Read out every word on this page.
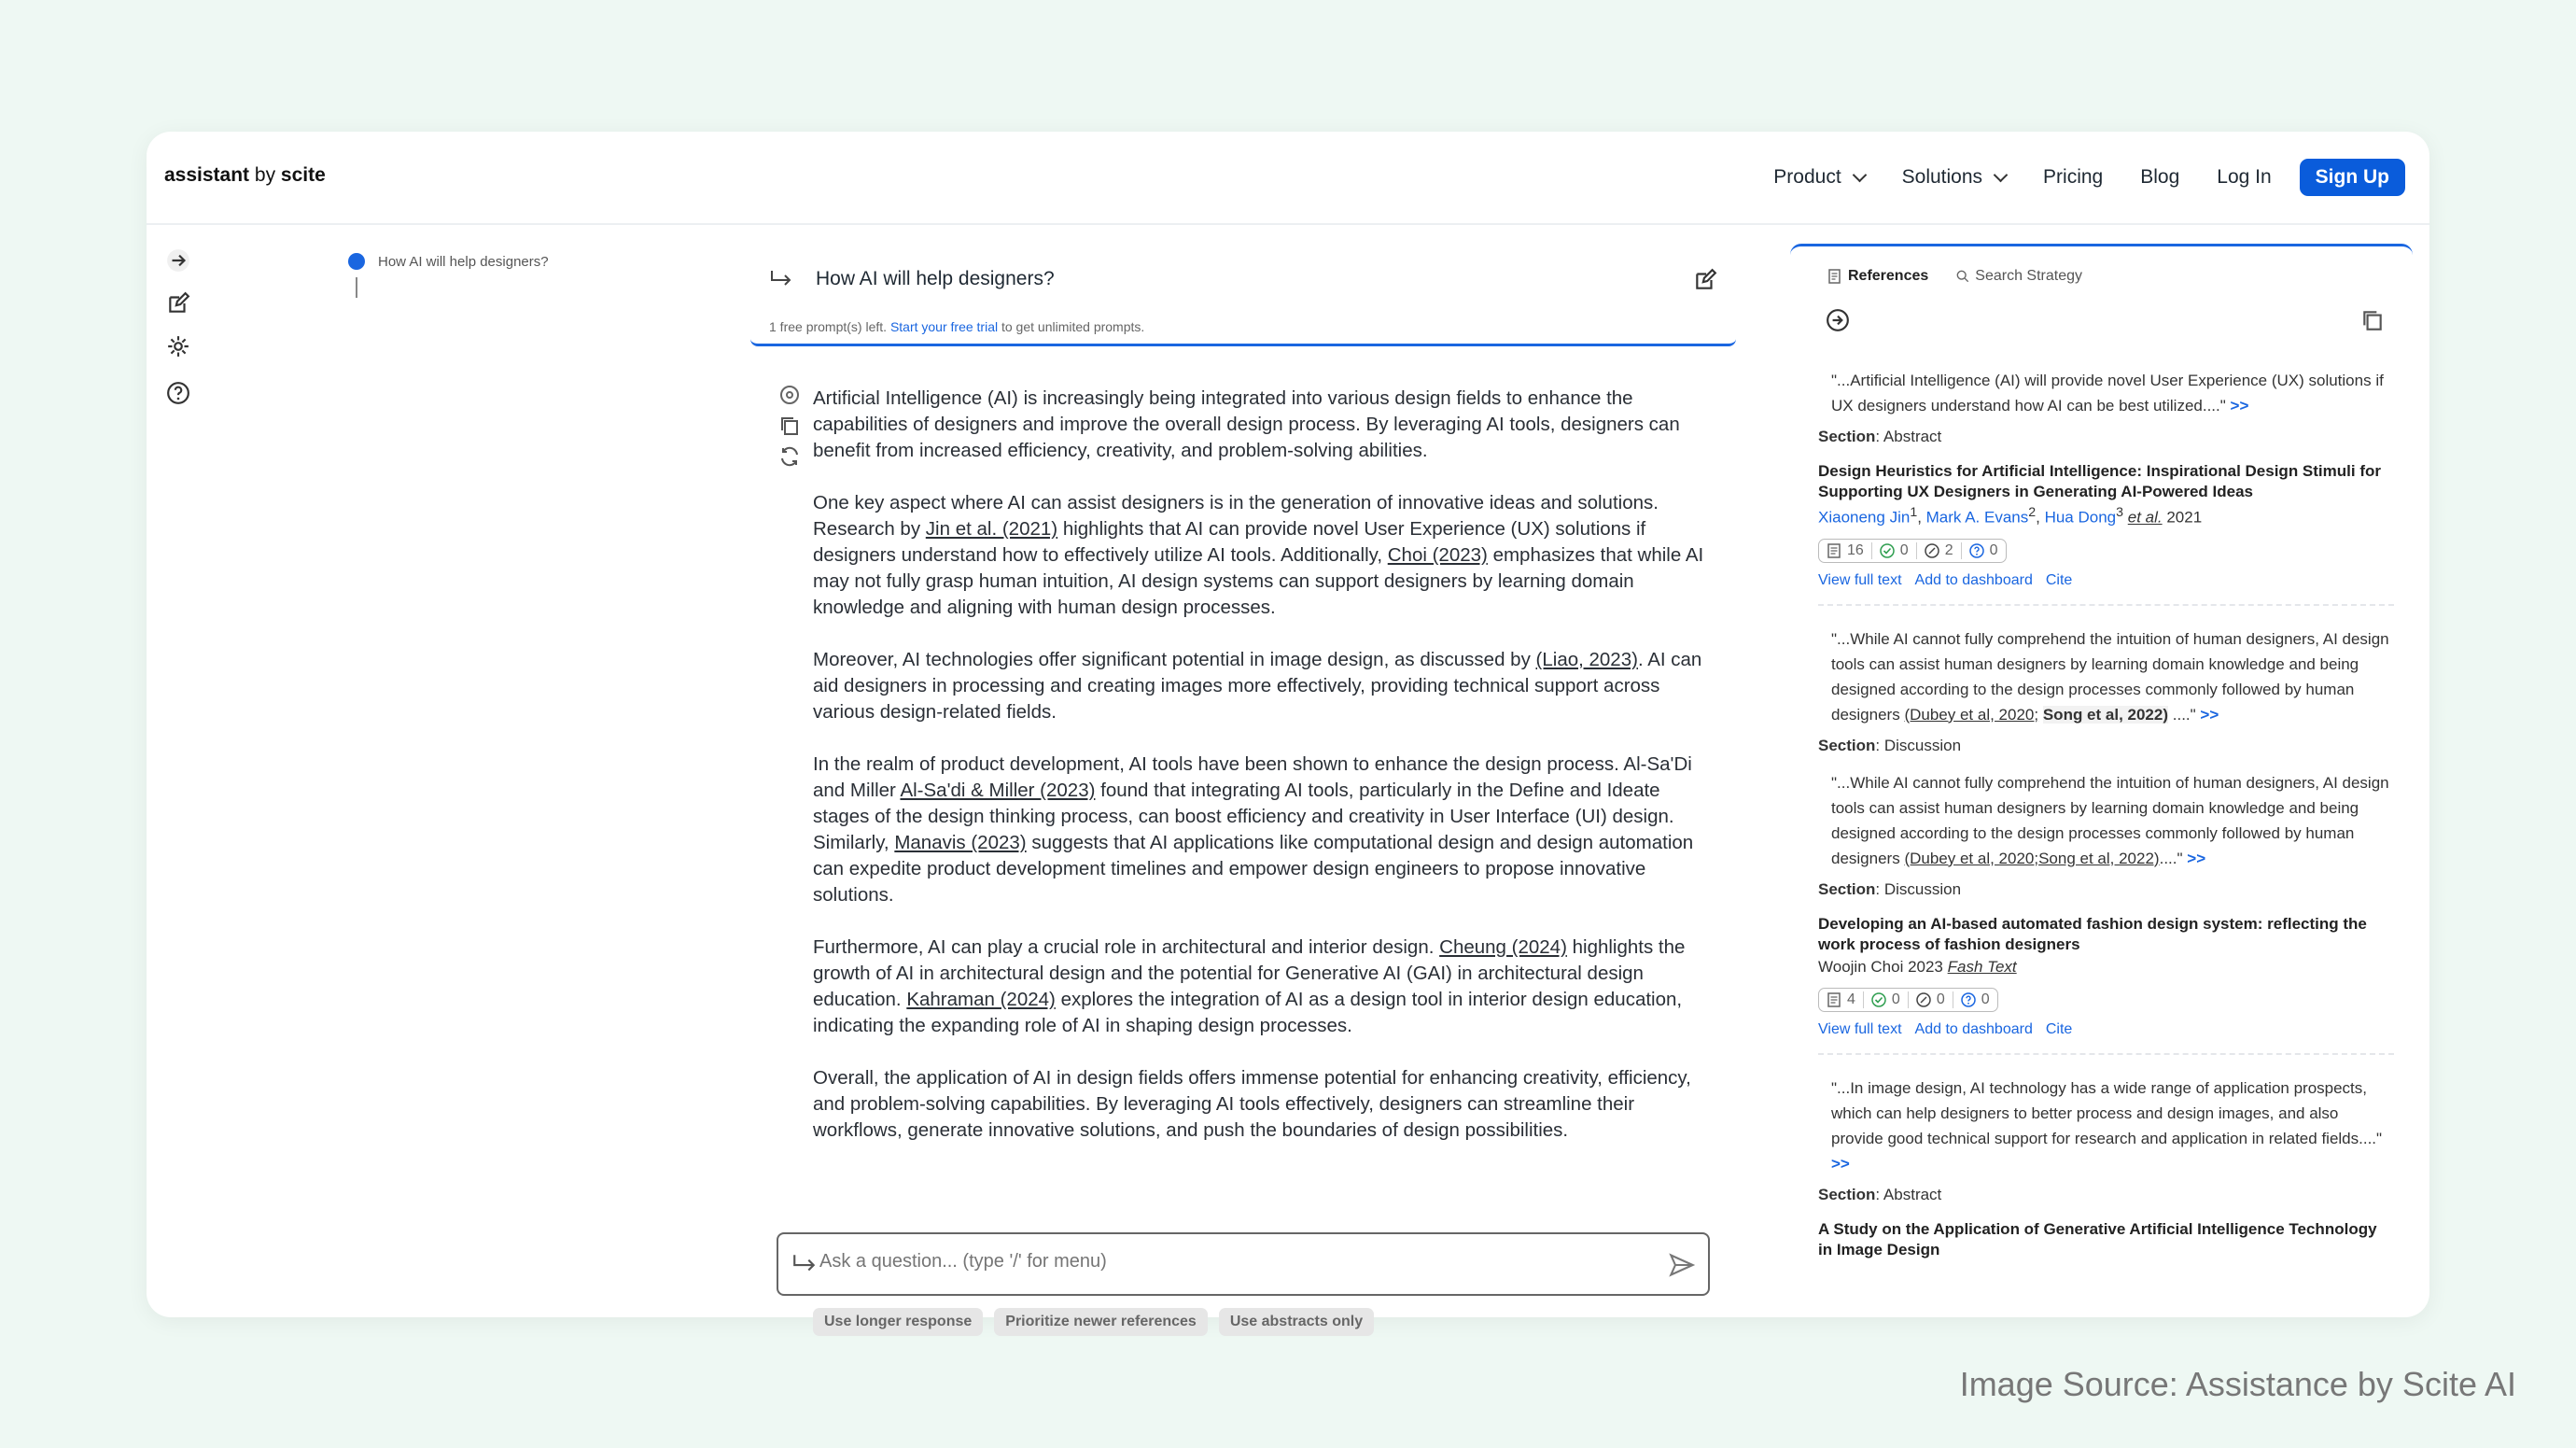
assistant by scite	Product	Solutions	Pricing Blog Log In	Sign Up
How AI will help designers?
How AI will help designers?
1 free prompt(s) left. Start your free trial to get unlimited prompts.

Artificial Intelligence (AI) is increasingly being integrated into various design fields to enhance the capabilities of designers and improve the overall design process. By leveraging AI tools, designers can benefit from increased efficiency, creativity, and problem-solving abilities.

One key aspect where AI can assist designers is in the generation of innovative ideas and solutions. Research by Jin et al. (2021) highlights that AI can provide novel User Experience (UX) solutions if designers understand how to effectively utilize AI tools. Additionally, Choi (2023) emphasizes that while AI may not fully grasp human intuition, AI design systems can support designers by learning domain knowledge and aligning with human design processes.

Moreover, AI technologies offer significant potential in image design, as discussed by (Liao, 2023). AI can aid designers in processing and creating images more effectively, providing technical support across various design-related fields.

In the realm of product development, AI tools have been shown to enhance the design process. Al-Sa'Di and Miller Al-Sa'di & Miller (2023) found that integrating AI tools, particularly in the Define and Ideate stages of the design thinking process, can boost efficiency and creativity in User Interface (UI) design. Similarly, Manavis (2023) suggests that AI applications like computational design and design automation can expedite product development timelines and empower design engineers to propose innovative solutions.

Furthermore, AI can play a crucial role in architectural and interior design. Cheung (2024) highlights the growth of AI in architectural design and the potential for Generative AI (GAI) in architectural design education. Kahraman (2024) explores the integration of AI as a design tool in interior design education, indicating the expanding role of AI in shaping design processes.

Overall, the application of AI in design fields offers immense potential for enhancing creativity, efficiency, and problem-solving capabilities. By leveraging AI tools effectively, designers can streamline their workflows, generate innovative solutions, and push the boundaries of design possibilities.

Use longer response	Prioritize newer references	Use abstracts only
Ask a question... (type '/' for menu)
References	Search Strategy
"...Artificial Intelligence (AI) will provide novel User Experience (UX) solutions if UX designers understand how AI can be best utilized...." >>
Section: Abstract
Design Heuristics for Artificial Intelligence: Inspirational Design Stimuli for Supporting UX Designers in Generating AI-Powered Ideas
Xiaoneng Jin$^1$, Mark A. Evans$^2$, Hua Dong$^3$ et al. 2021
16 0 2 0
View full text Add to dashboard Cite
"...While AI cannot fully comprehend the intuition of human designers, AI design tools can assist human designers by learning domain knowledge and being designed according to the design processes commonly followed by human designers (Dubey et al, 2020; Song et al, 2022) ...." >>
Section: Discussion
"...While AI cannot fully comprehend the intuition of human designers, AI design tools can assist human designers by learning domain knowledge and being designed according to the design processes commonly followed by human designers (Dubey et al, 2020;Song et al, 2022)...." >>
Section: Discussion
Developing an AI-based automated fashion design system: reflecting the work process of fashion designers
Woojin Choi 2023 Fash Text
4 0 0 0
View full text Add to dashboard Cite
"...In image design, AI technology has a wide range of application prospects, which can help designers to better process and design images, and also provide good technical support for research and application in related fields...." >>
Section: Abstract
A Study on the Application of Generative Artificial Intelligence Technology in Image Design
Image Source: Assistance by Scite AI
